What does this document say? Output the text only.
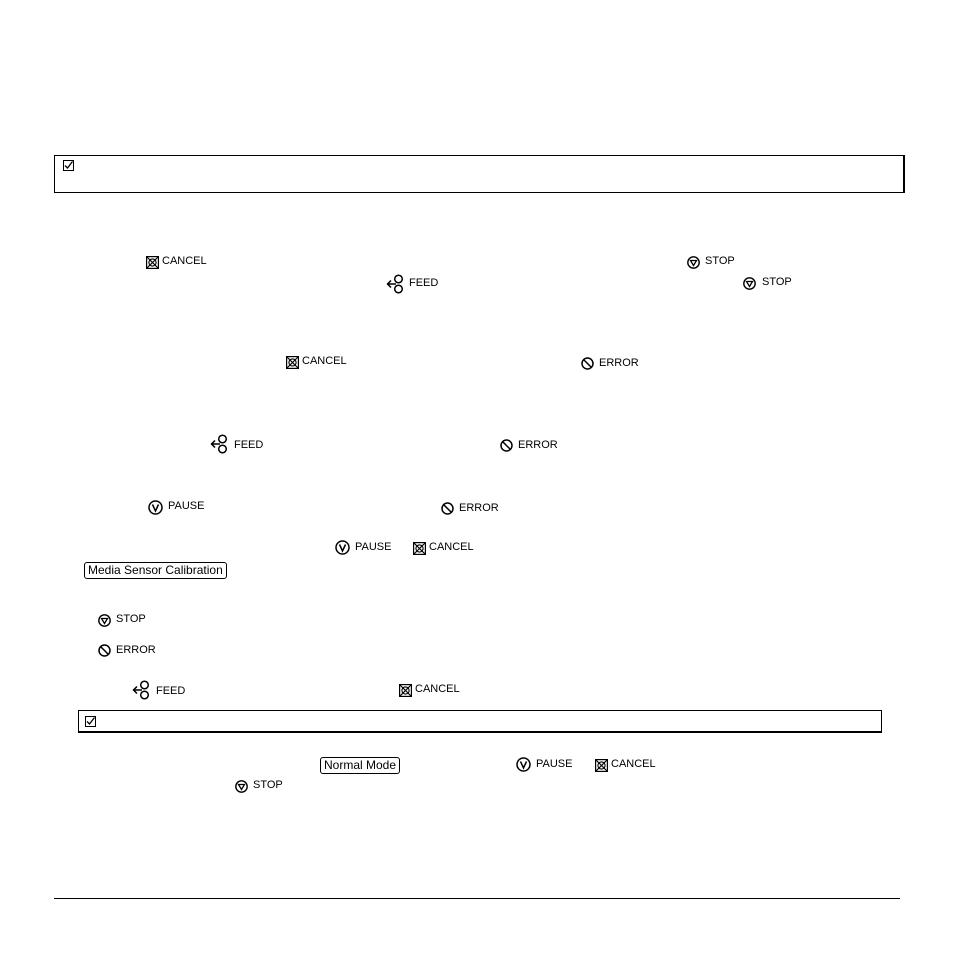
CANCEL	STOP
FEED	STOP
CANCEL	ERROR
FEED	ERROR
PAUSE	ERROR
PAUSE	CANCEL
Media Sensor Calibration
STOP
ERROR
FEED	CANCEL
Normal Mode	PAUSE	CANCEL
STOP
